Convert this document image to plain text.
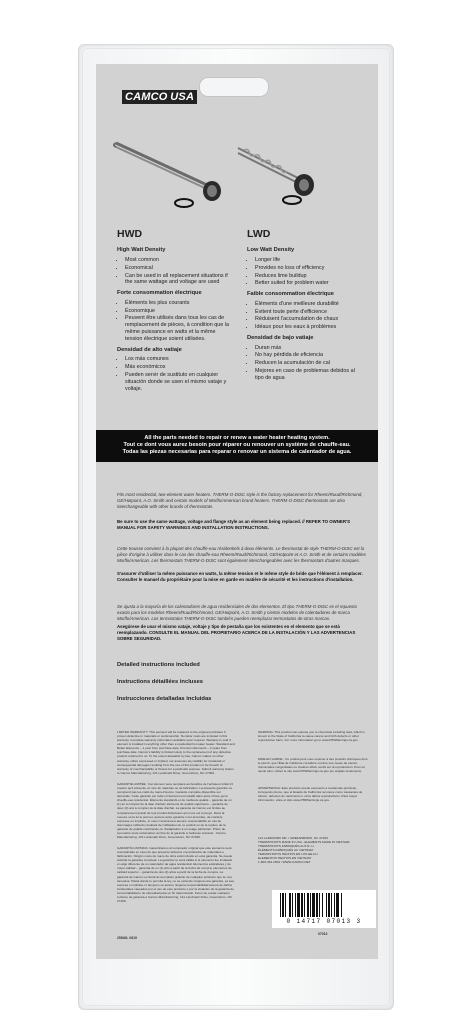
CAMCO USA
HWD
High Watt Density
• Most common
• Economical
• Can be used in all replacement situations if the same wattage and voltage are used
Forte consommation électrique
• Éléments les plus courants
• Économique
• Peuvent être utilisés dans tous les cas de remplacement de pièces, à condition que la même puissance en watts et la même tension électrique soient utilisées.
Densidad de alto vatiaje
• Los más comunes
• Más económicos
• Pueden servir de sustituto en cualquier situación donde se usen el mismo vataje y voltaje.
LWD
Low Watt Density
• Longer life
• Provides no loss of efficiency
• Reduces lime buildup
• Better suited for problem water
Faible consommation électrique
• Éléments d'une meilleure durabilité
• Évitent toute perte d'efficience
• Réduisent l'accumulation de chaux
• Idéaux pour les eaux à problèmes
Densidad de bajo vatiaje
• Duran más
• No hay pérdida de eficiencia
• Reducen la acumulación de cal
• Mejores en caso de problemas debidos al tipo de agua
All the parts needed to repair or renew a water heater heating system.
Tout ce dont vous aurez besoin pour réparer ou renouver un système de chauffe-eau.
Todas las piezas necesarias para reparar o renovar un sistema de calentador de agua.
Fits most residential, two-element water heaters. THERM-O-DISC style is the factory replacement for Rheem/Ruud/Richmond, GE/Hotpoint, A.O. Smith and certain models of Morflo/American brand heaters. THERM-O-DISC thermostats are also interchangeable with other brands of thermostats.
Be sure to use the same wattage, voltage and flange style as an element being replaced. // REFER TO OWNER'S MANUAL FOR SAFETY WARNINGS AND INSTALLATION INSTRUCTIONS.
Cette trousse convient à la plupart des chauffe-eau résidentiels à deux éléments. Le thermostat de style THERM-O-DISC est la pièce d'origine à utiliser dans le cas des chauffe-eau Rheem/Ruud/Richmond, GE/Hotpoint et A.O. Smith et de certains modèles Morflo/American. Les thermostats THERM-O-DISC sont également interchangeables avec les thermostats d'autres marques.
S'assurer d'utiliser la même puissance en watts, la même tension et le même style de bride que l'élément à remplacer. Consulter le manuel du propriétaire pour la mise en garde en matière de sécurité et les instructions d'installation.
Se ajusta a la mayoría de los calentadores de agua residenciales de dos elementos. El tipo THERM-O-DISC es el repuesto exacto para los modelos Rheem/Ruud/Richmond, GE/Hotpoint, A.O. Smith y ciertos modelos de calentadores de marca Morflo/American. Los termostatos THERM-O-DISC también pueden reemplazar termostatos de otras marcas.
Asegúrese de usar el mismo vataje, voltaje y tipo de pestaña que los existentes en el elemento que se está reemplazando. CONSULTE EL MANUAL DEL PROPIETARIO ACERCA DE LA INSTALACIÓN Y LAS ADVERTENCIAS SOBRE SEGURIDAD.
Detailed instructions included
Instructions détaillées incluses
Instrucciones detalladas incluidas
LIMITED WARRANTY: This element will be replaced to the original purchaser if proven defective in materials or workmanship. No labor costs are included in this warranty. Complete warranty information available upon request. Warranty is void if element is installed in anything other than a residential hot water heater. Standard and Better Elements – 1 year from purchase date, Premium Elements – 2 years from purchase date. Camco's liability is limited solely to the replacement of any defective product returned to us. To the extent allowable by law, Camco makes no other warranty, either expressed or implied, nor assumes any liability for incidental or consequential damages resulting from the use of this product or for breach of warranty of merchantability or fitness for a particular purpose. Submit warranty claims to Camco Manufacturing, 121 Landmark Drive, Greensboro, NC 27409.
GARANTIE LIMITÉE : Cet élément sera remplacé au bénéfice de l'acheteur initial s'il s'avère qu'il présente un vice de matériau ou de fabrication. La présente garantie ne comprend pas les coûts de main-d'œuvre. Garantie complète disponible sur demande. Cette garantie est nulle si l'élément est installé dans autre chose qu'un chauffe-eau résidentiel. Éléments standards et de meilleure qualité – garantie de un (1) an à compter de la date d'achat; éléments de qualité supérieure – garantie de deux (2) ans à compter de la date d'achat. La garantie de Camco est limitée au remplacement gratuit de tout produit défectueux qui nous est renvoyé. Dans la mesure où la loi le permet, aucune autre garantie n'est accordée, de manière expresse ou implicite, et nous n'endossons aucune responsabilité en cas de dommages indirects résultant de l'utilisation de ce produit ou de la rupture de la garantie de qualité marchande ou d'adaptation à un usage particulier. Prière de soumettre toute réclamation au titre de la garantie à l'adresse suivante : Camco Manufacturing, 121 Landmark Drive, Greensboro, NC 27409.
GARANTÍA LIMITADA: Garantizamos al comprador original que este elemento será reemplazado en caso de que presente defectos comprobados de materiales o fabricación. Ningún costo de mano de obra está incluido en esta garantía. Se puede solicitar la garantía completa. La garantía no será válida si el elemento fue instalado en algo diferente de un calentador de agua residencial. Elementos estándares y de mejor calidad – garantía de un (1) año a partir de la fecha de compra; elementos de calidad superior – garantía de dos (2) años a partir de la fecha de compra. La garantía de Camco se limita al reemplazo gratuito de cualquier producto que se nos devuelva. Hasta donde lo permita la ley, no se extiende ninguna otra garantía, ya sea expresa o implícita, ni tampoco se asume ninguna responsabilidad acerca de daños incidentales causados por el uso de este producto o por la violación de la garantía de comerciabilidad o de idoneidad para un fin determinado. Favor de enviar cualquier reclamo de garantía a Camco Manufacturing, 121 Landmark Drive, Greensboro, NC 27409.
WARNING: This product can expose you to chemicals including lead, which is known to the State of California to cause cancer and birth defects or other reproductive harm. For more information go to www.P65Warnings.ca.gov.
MISE EN GARDE : Ce produit peut vous exposer à des produits chimiques dont le plomb, que l'État de Californie considère comme une cause de cancer, d'anomalies congénitales ou d'autres effets nocifs sur la reproduction. Pour en savoir plus, visitez le site www.P65Warnings.ca.gov (en anglais seulement).
ADVERTENCIA: Este producto puede exponerlo a sustancias químicas, incluyendo plomo, que el Estado de California reconoce como causantes de cáncer, defectos de nacimiento u otros daños reproductivos. Para mayor información, visite el sitio www.P65Warnings.ca.gov.
121 LANDMARK DR. / GREENSBORO, NC 27409
THERMOSTATS MADE IN USA - ELEMENTS MADE IN VIETNAM
THERMOSTATS FABRIQUÉS AUX É.-U.
ÉLÉMENTS FABRIQUÉS AU VIETNAM
TERMOSTATOS HECHOS EN LOS EE.UU.
ELEMENTOS HECHOS EN VIETNAM
1-800-334-2004 / WWW.CAMCO.NET
0 14717 07013 3
07013
25540L 0619
